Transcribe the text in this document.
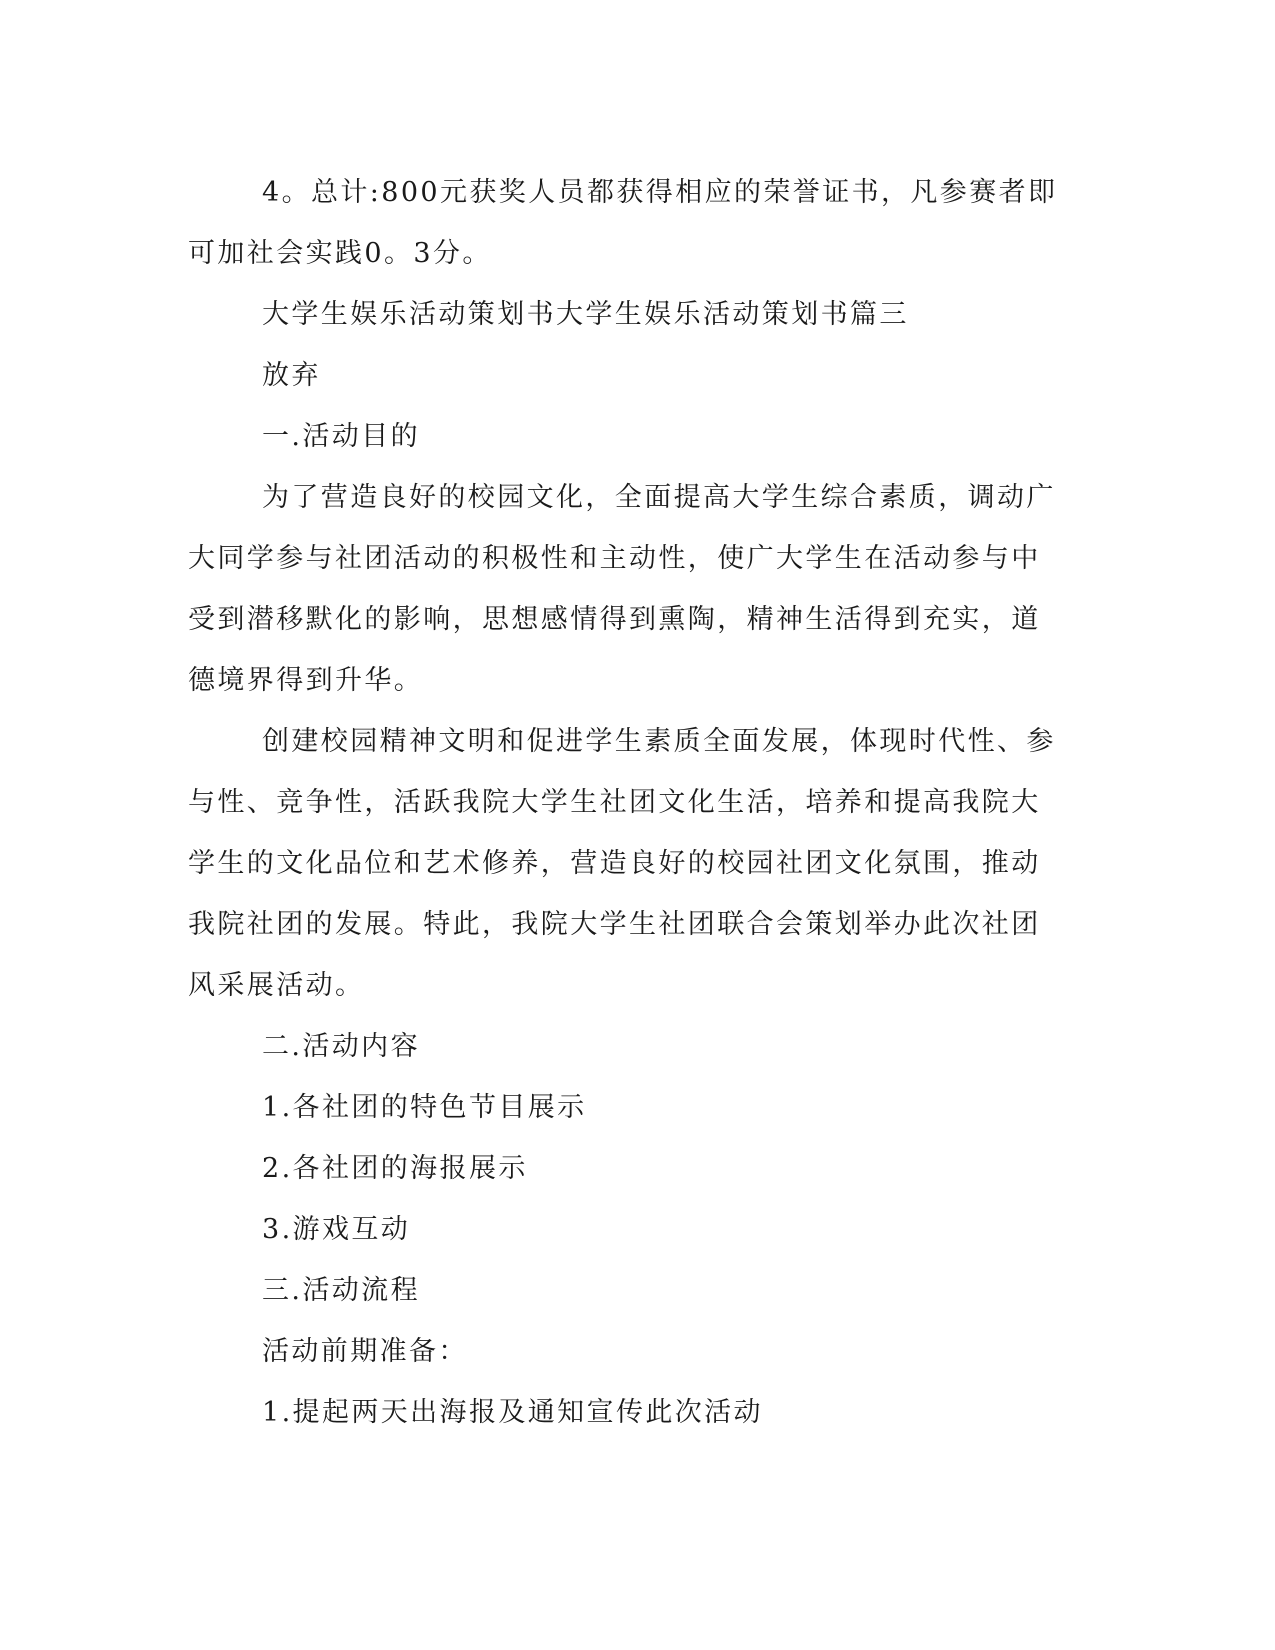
4。总计:800元获奖人员都获得相应的荣誉证书，凡参赛者即可加社会实践0。3分。

大学生娱乐活动策划书大学生娱乐活动策划书篇三

放弃

一.活动目的

为了营造良好的校园文化，全面提高大学生综合素质，调动广大同学参与社团活动的积极性和主动性，使广大学生在活动参与中受到潜移默化的影响，思想感情得到熏陶，精神生活得到充实，道德境界得到升华。

创建校园精神文明和促进学生素质全面发展，体现时代性、参与性、竞争性，活跃我院大学生社团文化生活，培养和提高我院大学生的文化品位和艺术修养，营造良好的校园社团文化氛围，推动我院社团的发展。特此，我院大学生社团联合会策划举办此次社团风采展活动。

二.活动内容

1.各社团的特色节目展示

2.各社团的海报展示

3.游戏互动

三.活动流程

活动前期准备：

1.提起两天出海报及通知宣传此次活动
